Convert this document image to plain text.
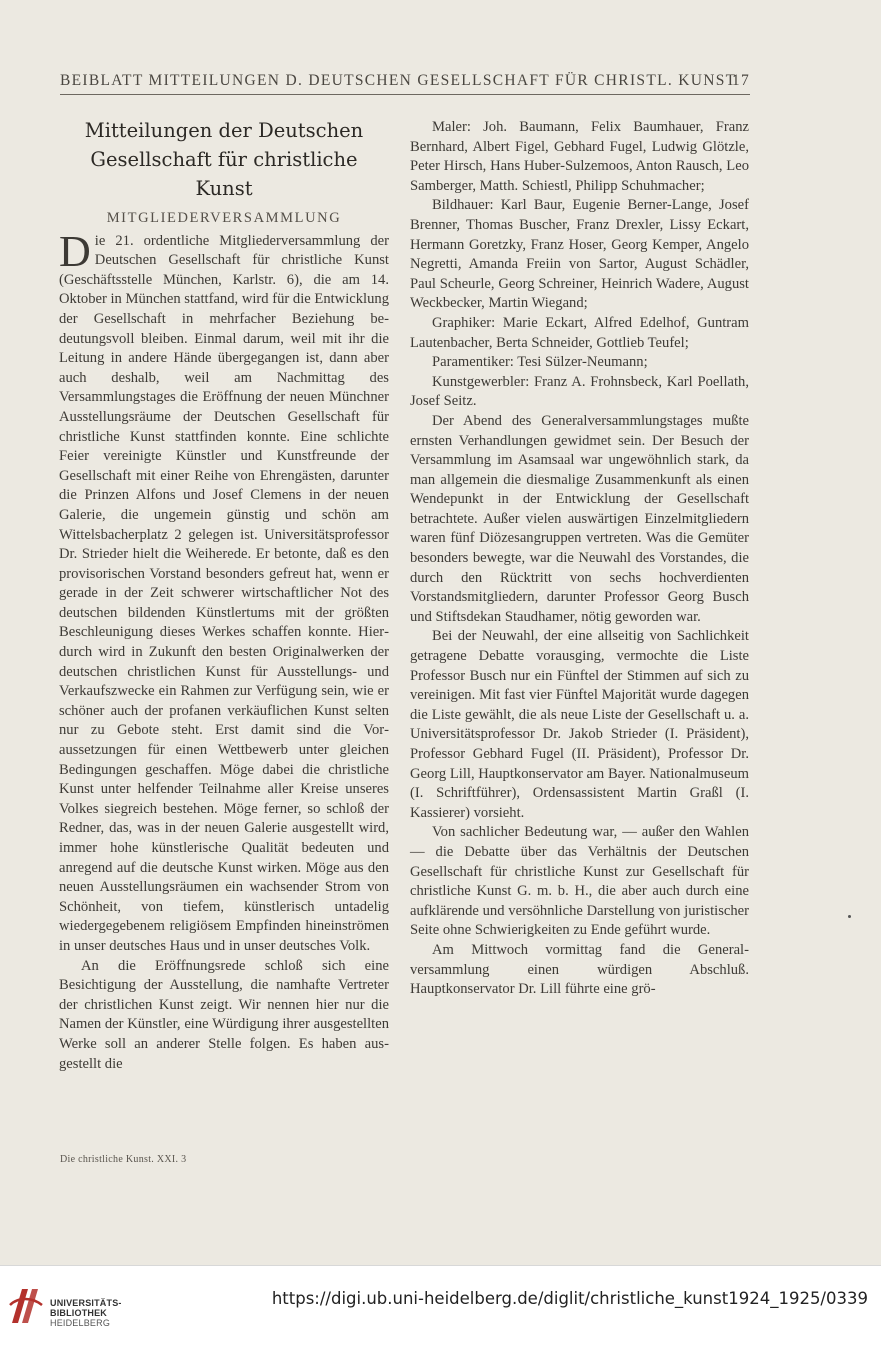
BEIBLATT MITTEILUNGEN D. DEUTSCHEN GESELLSCHAFT FÜR CHRISTL. KUNST
17
Mitteilungen der Deutschen
Gesellschaft für christliche Kunst
MITGLIEDERVERSAMMLUNG

Die 21. ordentliche Mitgliederversammlung der Deutschen Gesellschaft für christliche Kunst (Geschäftsstelle München, Karlstr. 6), die am 14. Oktober in München stattfand, wird für die Entwicklung der Gesellschaft in mehrfacher Beziehung bedeutungsvoll bleiben. Einmal darum, weil mit ihr die Leitung in andere Hände übergegangen ist, dann aber auch deshalb, weil am Nachmittag des Versammlungstages die Eröffnung der neuen Münchner Ausstellungsräume der Deutschen Gesellschaft für christliche Kunst stattfinden konnte. Eine schlichte Feier vereinigte Künstler und Kunstfreunde der Gesellschaft mit einer Reihe von Ehrengästen, darunter die Prinzen Alfons und Josef Clemens in der neuen Galerie, die ungemein günstig und schön am Wittelsbacherplatz 2 gelegen ist. Universitätsprofessor Dr. Strieder hielt die Weiherede. Er betonte, daß es den provisorischen Vorstand besonders gefreut hat, wenn er gerade in der Zeit schwerer wirtschaftlicher Not des deutschen bildenden Künstlertums mit der größten Beschleunigung dieses Werkes schaffen konnte. Hierdurch wird in Zukunft den besten Originalwerken der deutschen christlichen Kunst für Ausstellungs- und Verkaufszwecke ein Rahmen zur Verfügung sein, wie er schöner auch der profanen verkäuflichen Kunst selten nur zu Gebote steht. Erst damit sind die Voraussetzungen für einen Wettbewerb unter gleichen Bedingungen geschaffen. Möge dabei die christliche Kunst unter helfender Teilnahme aller Kreise unseres Volkes siegreich bestehen. Möge ferner, so schloß der Redner, das, was in der neuen Galerie ausgestellt wird, immer hohe künstlerische Qualität bedeuten und anregend auf die deutsche Kunst wirken. Möge aus den neuen Ausstellungsräumen ein wachsender Strom von Schönheit, von tiefem, künstlerisch untadelig wiedergegebenem religiösem Empfinden hineinströmen in unser deutsches Haus und in unser deutsches Volk.

An die Eröffnungsrede schloß sich eine Besichtigung der Ausstellung, die namhafte Vertreter der christlichen Kunst zeigt. Wir nennen hier nur die Namen der Künstler, eine Würdigung ihrer ausgestellten Werke soll an anderer Stelle folgen. Es haben ausgestellt die

Maler: Joh. Baumann, Felix Baumhauer, Franz Bernhard, Albert Figel, Gebhard Fugel, Ludwig Glötzle, Peter Hirsch, Hans Huber-Sulzemoos, Anton Rausch, Leo Samberger, Matth. Schiestl, Philipp Schuhmacher;

Bildhauer: Karl Baur, Eugenie Berner-Lange, Josef Brenner, Thomas Buscher, Franz Drexler, Lissy Eckart, Hermann Goretzky, Franz Hoser, Georg Kemper, Angelo Negretti, Amanda Freiin von Sartor, August Schädler, Paul Scheurle, Georg Schreiner, Heinrich Wadere, August Weckbecker, Martin Wiegand;

Graphiker: Marie Eckart, Alfred Edelhof, Guntram Lautenbacher, Berta Schneider, Gottlieb Teufel;

Paramentiker: Tesi Sülzer-Neumann;

Kunstgewerbler: Franz A. Frohnsbeck, Karl Poellath, Josef Seitz.

Der Abend des Generalversammlungstages mußte ernsten Verhandlungen gewidmet sein. Der Besuch der Versammlung im Asamsaal war ungewöhnlich stark, da man allgemein die diesmalige Zusammenkunft als einen Wendepunkt in der Entwicklung der Gesellschaft betrachtete. Außer vielen auswärtigen Einzelmitgliedern waren fünf Diözesangruppen vertreten. Was die Gemüter besonders bewegte, war die Neuwahl des Vorstandes, die durch den Rücktritt von sechs hochverdienten Vorstandsmitgliedern, darunter Professor Georg Busch und Stiftsdekan Staudhamer, nötig geworden war.

Bei der Neuwahl, der eine allseitig von Sachlichkeit getragene Debatte vorausging, vermochte die Liste Professor Busch nur ein Fünftel der Stimmen auf sich zu vereinigen. Mit fast vier Fünftel Majorität wurde dagegen die Liste gewählt, die als neue Liste der Gesellschaft u. a. Universitätsprofessor Dr. Jakob Strieder (I. Präsident), Professor Gebhard Fugel (II. Präsident), Professor Dr. Georg Lill, Hauptkonservator am Bayer. Nationalmuseum (I. Schriftführer), Ordensassistent Martin Graßl (I. Kassierer) vorsieht.

Von sachlicher Bedeutung war, — außer den Wahlen — die Debatte über das Verhältnis der Deutschen Gesellschaft für christliche Kunst zur Gesellschaft für christliche Kunst G. m. b. H., die aber auch durch eine aufklärende und versöhnliche Darstellung von juristischer Seite ohne Schwierigkeiten zu Ende geführt wurde.

Am Mittwoch vormittag fand die Generalversammlung einen würdigen Abschluß. Hauptkonservator Dr. Lill führte eine grö-

Die christliche Kunst. XXI. 3
UNIVERSITÄTS-
BIBLIOTHEK
HEIDELBERG
https://digi.ub.uni-heidelberg.de/diglit/christliche_kunst1924_1925/0339
